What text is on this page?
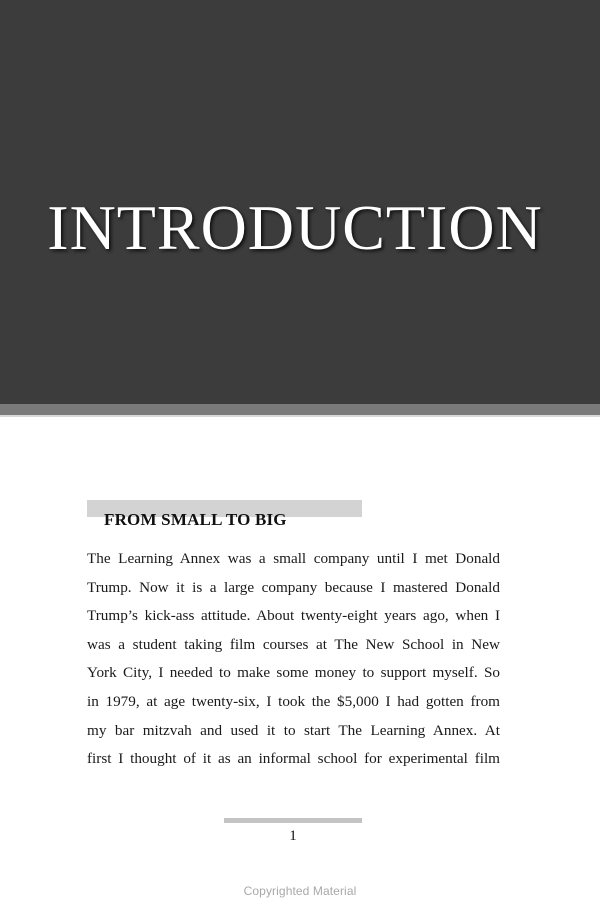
INTRODUCTION
FROM SMALL TO BIG
The Learning Annex was a small company until I met Donald
Trump. Now it is a large company because I mastered Donald
Trump’s kick-ass attitude. About twenty-eight years ago, when I
was a student taking film courses at The New School in New
York City, I needed to make some money to support myself. So
in 1979, at age twenty-six, I took the $5,000 I had gotten from
my bar mitzvah and used it to start The Learning Annex. At
first I thought of it as an informal school for experimental film
1
Copyrighted Material
